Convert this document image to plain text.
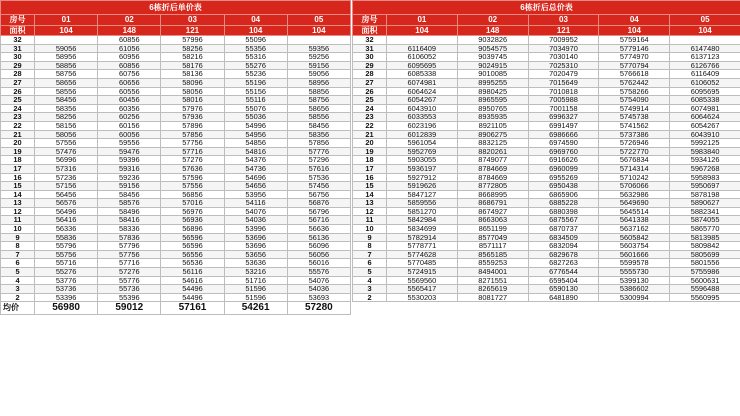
6栋折后单价表					
房号	01	02	03	04	05
面积	104	148	121	104	104
32		60856	57996	55096	
31	59056	61056	58256	55356	59356
30	58956	60956	58216	55316	59256
29	58856	60856	58176	55276	59156
28	58756	60756	58136	55236	59056
27	58656	60656	58096	55196	58956
26	58556	60556	58056	55156	58856
25	58456	60456	58016	55116	58756
24	58356	60356	57976	55076	58656
23	58256	60256	57936	55036	58556
22	58156	60156	57896	54996	58456
21	58056	60056	57856	54956	58356
20	57556	59556	57756	54856	57856
19	57476	59476	57716	54816	57776
18	56996	59396	57276	54376	57296
17	57316	59316	57636	54736	57616
16	57236	59236	57596	54696	57536
15	57156	59156	57556	54656	57456
14	56456	58456	56856	53956	56756
13	56576	58576	57016	54116	56876
12	56496	58496	56976	54076	56796
11	56416	58416	56936	54036	56716
10	56336	58336	56896	53996	56636
9	55836	57836	56596	53696	56136
8	55796	57796	56596	53696	56096
7	55756	57756	56556	53656	56056
6	55716	57716	56536	53636	56016
5	55276	57276	56116	53216	55576
4	53776	55776	54616	51716	54076
3	53736	55736	54496	51596	54036
2	53396	55396	54496	51596	53693
均价	56980	59012	57161	54261	57280
6栋折后总价表					
房号	01	02	03	04	05
面积	104	148	121	104	104
32		9032826	7009952	5759164	
31	6116409	9054575	7034970	5779146	6147480
30	6106052	9039745	7030140	5774970	6137123
29	6095695	9024915	7025310	5770794	6126766
28	6085338	9010085	7020479	5766618	6116409
27	6074981	8995255	7015649	5762442	6106052
26	6064624	8980425	7010818	5758266	6095695
25	6054267	8965595	7005988	5754090	6085338
24	6043910	8950765	7001158	5749914	6074981
23	6033553	8935935	6996327	5745738	6064624
22	6023196	8921105	6991497	5741562	6054267
21	6012839	8906275	6986666	5737386	6043910
20	5961054	8832125	6974590	5726946	5992125
19	5952769	8820261	6969760	5722770	5983840
18	5903055	8749077	6916626	5676834	5934126
17	5936197	8784669	6960099	5714314	5967268
16	5927912	8784669	6955269	5710242	5958983
15	5919626	8772805	6950438	5706066	5950697
14	5847127	8668995	6865906	5632986	5878198
13	5859556	8686791	6885228	5649690	5890627
12	5851270	8674927	6880398	5645514	5882341
11	5842984	8663063	6875567	5641338	5874055
10	5834699	8651199	6870737	5637162	5865770
9	5782914	8577049	6834509	5605842	5813985
8	5778771	8571117	6832094	5603754	5809842
7	5774628	8565185	6829678	5601666	5805699
6	5770485	8559253	6827263	5599578	5801556
5	5724915	8494001	6776544	5555730	5755986
4	5569560	8271551	6595404	5399130	5600631
3	5565417	8265619	6590130	5386602	5596488
2	5530203	8081727	6481890	5300994	5560995
